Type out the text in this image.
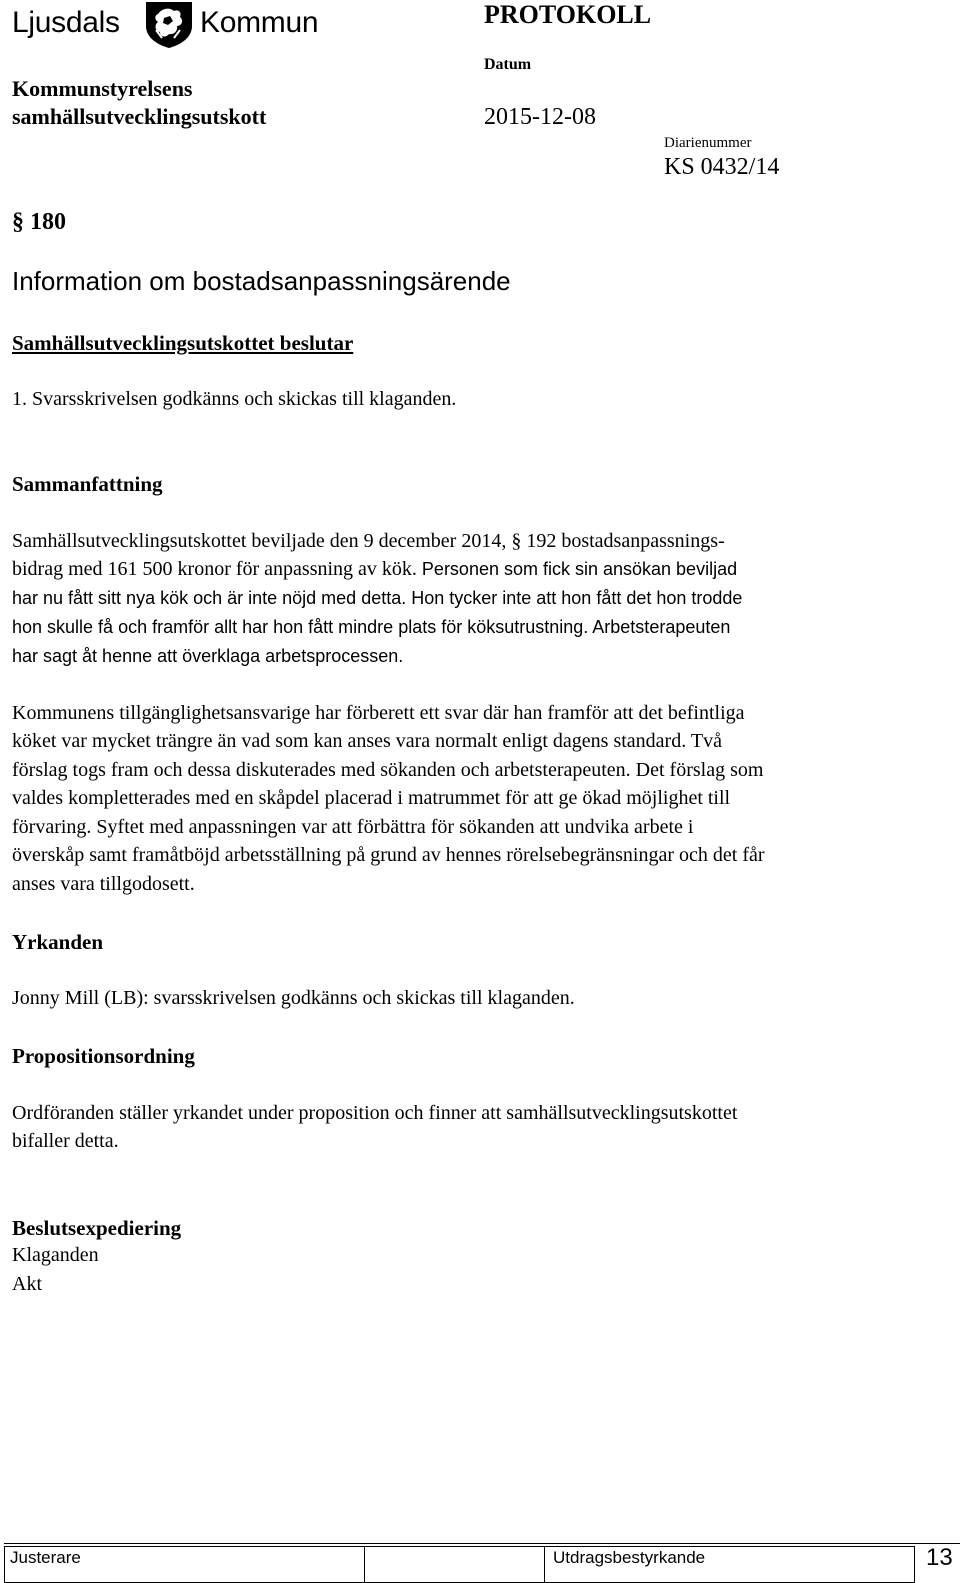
Ljusdals	Kommun	PROTOKOLL
Datum
Kommunstyrelsens
samhällsutvecklingsutskott	2015-12-08
Diarienummer
KS 0432/14
§ 180
Information om bostadsanpassningsärende
Samhällsutvecklingsutskottet beslutar
1. Svarsskrivelsen godkänns och skickas till klaganden.
Sammanfattning
Samhällsutvecklingsutskottet beviljade den 9 december 2014, § 192 bostadsanpassnings-
bidrag med 161 500 kronor för anpassning av kök. Personen som fick sin ansökan beviljad
har nu fått sitt nya kök och är inte nöjd med detta. Hon tycker inte att hon fått det hon trodde
hon skulle få och framför allt har hon fått mindre plats för köksutrustning. Arbetsterapeuten
har sagt åt henne att överklaga arbetsprocessen.
Kommunens tillgänglighetsansvarige har förberett ett svar där han framför att det befintliga
köket var mycket trängre än vad som kan anses vara normalt enligt dagens standard. Två
förslag togs fram och dessa diskuterades med sökanden och arbetsterapeuten. Det förslag som
valdes kompletterades med en skåpdel placerad i matrummet för att ge ökad möjlighet till
förvaring. Syftet med anpassningen var att förbättra för sökanden att undvika arbete i
överskåp samt framåtböjd arbetsställning på grund av hennes rörelsebegränsningar och det får
anses vara tillgodosett.
Yrkanden
Jonny Mill (LB): svarsskrivelsen godkänns och skickas till klaganden.
Propositionsordning
Ordföranden ställer yrkandet under proposition och finner att samhällsutvecklingsutskottet
bifaller detta.
Beslutsexpediering
Klaganden
Akt
Justerare	Utdragsbestyrkande	13
